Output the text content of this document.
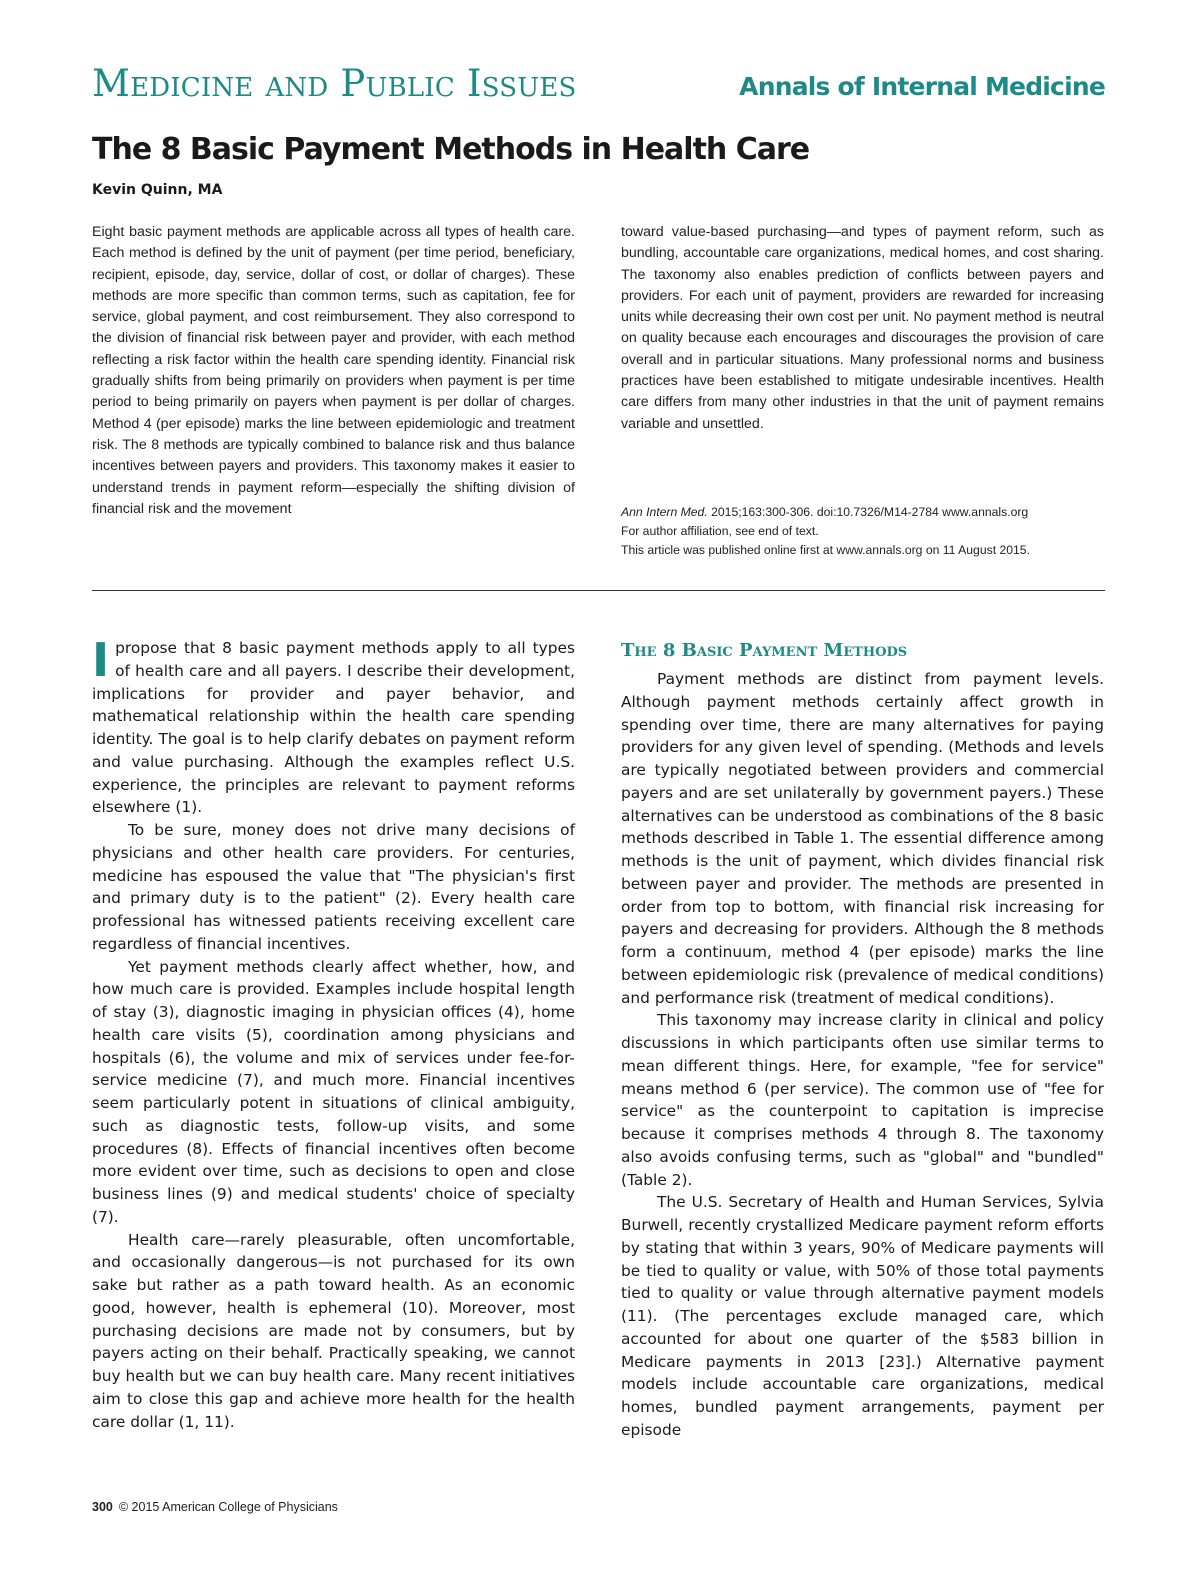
Medicine and Public Issues	Annals of Internal Medicine
The 8 Basic Payment Methods in Health Care
Kevin Quinn, MA

Eight basic payment methods are applicable across all types of health care. Each method is defined by the unit of payment (per time period, beneficiary, recipient, episode, day, service, dollar of cost, or dollar of charges). These methods are more specific than common terms, such as capitation, fee for service, global payment, and cost reimbursement. They also correspond to the division of financial risk between payer and provider, with each method reflecting a risk factor within the health care spending identity. Financial risk gradually shifts from being primarily on providers when payment is per time period to being primarily on payers when payment is per dollar of charges. Method 4 (per episode) marks the line between epidemiologic and treatment risk. The 8 methods are typically combined to balance risk and thus balance incentives between payers and providers. This taxonomy makes it easier to understand trends in payment reform—especially the shifting division of financial risk and the movement

toward value-based purchasing—and types of payment reform, such as bundling, accountable care organizations, medical homes, and cost sharing. The taxonomy also enables prediction of conflicts between payers and providers. For each unit of payment, providers are rewarded for increasing units while decreasing their own cost per unit. No payment method is neutral on quality because each encourages and discourages the provision of care overall and in particular situations. Many professional norms and business practices have been established to mitigate undesirable incentives. Health care differs from many other industries in that the unit of payment remains variable and unsettled.

Ann Intern Med. 2015;163:300-306. doi:10.7326/M14-2784 www.annals.org
For author affiliation, see end of text.
This article was published online first at www.annals.org on 11 August 2015.

Ipropose that 8 basic payment methods apply to all types of health care and all payers. I describe their development, implications for provider and payer behavior, and mathematical relationship within the health care spending identity. The goal is to help clarify debates on payment reform and value purchasing. Although the examples reflect U.S. experience, the principles are relevant to payment reforms elsewhere (1).

To be sure, money does not drive many decisions of physicians and other health care providers. For centuries, medicine has espoused the value that "The physician's first and primary duty is to the patient" (2). Every health care professional has witnessed patients receiving excellent care regardless of financial incentives.

Yet payment methods clearly affect whether, how, and how much care is provided. Examples include hospital length of stay (3), diagnostic imaging in physician offices (4), home health care visits (5), coordination among physicians and hospitals (6), the volume and mix of services under fee-for-service medicine (7), and much more. Financial incentives seem particularly potent in situations of clinical ambiguity, such as diagnostic tests, follow-up visits, and some procedures (8). Effects of financial incentives often become more evident over time, such as decisions to open and close business lines (9) and medical students' choice of specialty (7).

Health care—rarely pleasurable, often uncomfortable, and occasionally dangerous—is not purchased for its own sake but rather as a path toward health. As an economic good, however, health is ephemeral (10). Moreover, most purchasing decisions are made not by consumers, but by payers acting on their behalf. Practically speaking, we cannot buy health but we can buy health care. Many recent initiatives aim to close this gap and achieve more health for the health care dollar (1, 11).

The 8 Basic Payment Methods

Payment methods are distinct from payment levels. Although payment methods certainly affect growth in spending over time, there are many alternatives for paying providers for any given level of spending. (Methods and levels are typically negotiated between providers and commercial payers and are set unilaterally by government payers.) These alternatives can be understood as combinations of the 8 basic methods described in Table 1. The essential difference among methods is the unit of payment, which divides financial risk between payer and provider. The methods are presented in order from top to bottom, with financial risk increasing for payers and decreasing for providers. Although the 8 methods form a continuum, method 4 (per episode) marks the line between epidemiologic risk (prevalence of medical conditions) and performance risk (treatment of medical conditions).

This taxonomy may increase clarity in clinical and policy discussions in which participants often use similar terms to mean different things. Here, for example, "fee for service" means method 6 (per service). The common use of "fee for service" as the counterpoint to capitation is imprecise because it comprises methods 4 through 8. The taxonomy also avoids confusing terms, such as "global" and "bundled" (Table 2).

The U.S. Secretary of Health and Human Services, Sylvia Burwell, recently crystallized Medicare payment reform efforts by stating that within 3 years, 90% of Medicare payments will be tied to quality or value, with 50% of those total payments tied to quality or value through alternative payment models (11). (The percentages exclude managed care, which accounted for about one quarter of the $583 billion in Medicare payments in 2013 [23].) Alternative payment models include accountable care organizations, medical homes, bundled payment arrangements, payment per episode

300 © 2015 American College of Physicians
